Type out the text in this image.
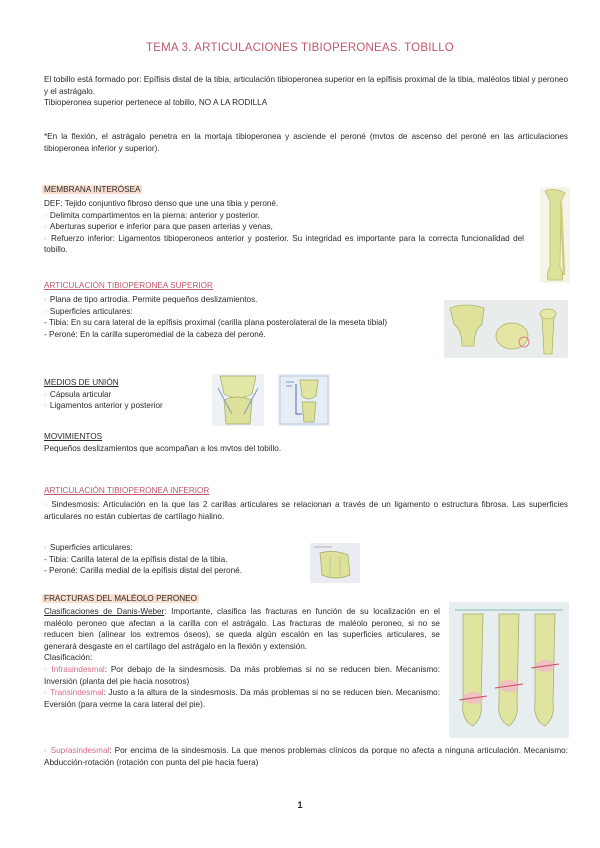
TEMA 3. ARTICULACIONES TIBIOPERONEAS. TOBILLO

El tobillo está formado por: Epífisis distal de la tibia, articulación tibioperonea superior en la epífisis proximal de la tibia, maléolos tibial y peroneo y el astrágalo.

Tibioperonea superior pertenece al tobillo, NO A LA RODILLA

*En la flexión, el astrágalo penetra en la mortaja tibioperonea y asciende el peroné (mvtos de ascenso del peroné en las articulaciones tibioperonea inferior y superior).

MEMBRANA INTERÓSEA

DEF: Tejido conjuntivo fibroso denso que une una tibia y peroné.

◦ Delimita compartimentos en la pierna: anterior y posterior.

◦ Aberturas superior e inferior para que pasen arterias y venas,

◦ Refuerzo inferior: Ligamentos tibioperoneos anterior y posterior. Su integridad es importante para la correcta funcionalidad del tobillo.

ARTICULACIÓN TIBIOPERONEA SUPERIOR

◦ Plana de tipo artrodia. Permite pequeños deslizamientos.

◦ Superficies articulares:

- Tibia: En su cara lateral de la epífisis proximal (carilla plana posterolateral de la meseta tibial)

- Peroné: En la carilla superomedial de la cabeza del peroné.

MEDIOS DE UNIÓN

◦ Cápsula articular

◦ Ligamentos anterior y posterior

MOVIMIENTOS

Pequeños deslizamientos que acompañan a los mvtos del tobillo.

ARTICULACIÓN TIBIOPERONEA INFERIOR

◦ Sindesmosis: Articulación en la que las 2 carillas articulares se relacionan a través de un ligamento o estructura fibrosa. Las superficies articulares no están cubiertas de cartílago hialino.

◦ Superficies articulares:

- Tibia: Carilla lateral de la epífisis distal de la tibia.

- Peroné: Carilla medial de la epífisis distal del peroné.

FRACTURAS DEL MALÉOLO PERONEO

Clasificaciones de Danis-Weber: Importante, clasifica las fracturas en función de su localización en el maléolo peroneo que afectan a la carilla con el astrágalo. Las fracturas de maléolo peroneo, si no se reducen bien (alinear los extremos óseos), se queda algún escalón en las superficies articulares, se generará desgaste en el cartílago del astrágalo en la flexión y extensión.

Clasificación:

◦ Infrasindesmal: Por debajo de la sindesmosis. Da más problemas si no se reducen bien. Mecanismo: Inversión (planta del pie hacia nosotros)

◦ Transindesmal: Justo a la altura de la sindesmosis. Da más problemas si no se reducen bien. Mecanismo: Eversión (para verme la cara lateral del pie).

◦ Suprasindesmal: Por encima de la sindesmosis. La que menos problemas clínicos da porque no afecta a ninguna articulación. Mecanismo: Abducción-rotación (rotación con punta del pie hacia fuera)

1
